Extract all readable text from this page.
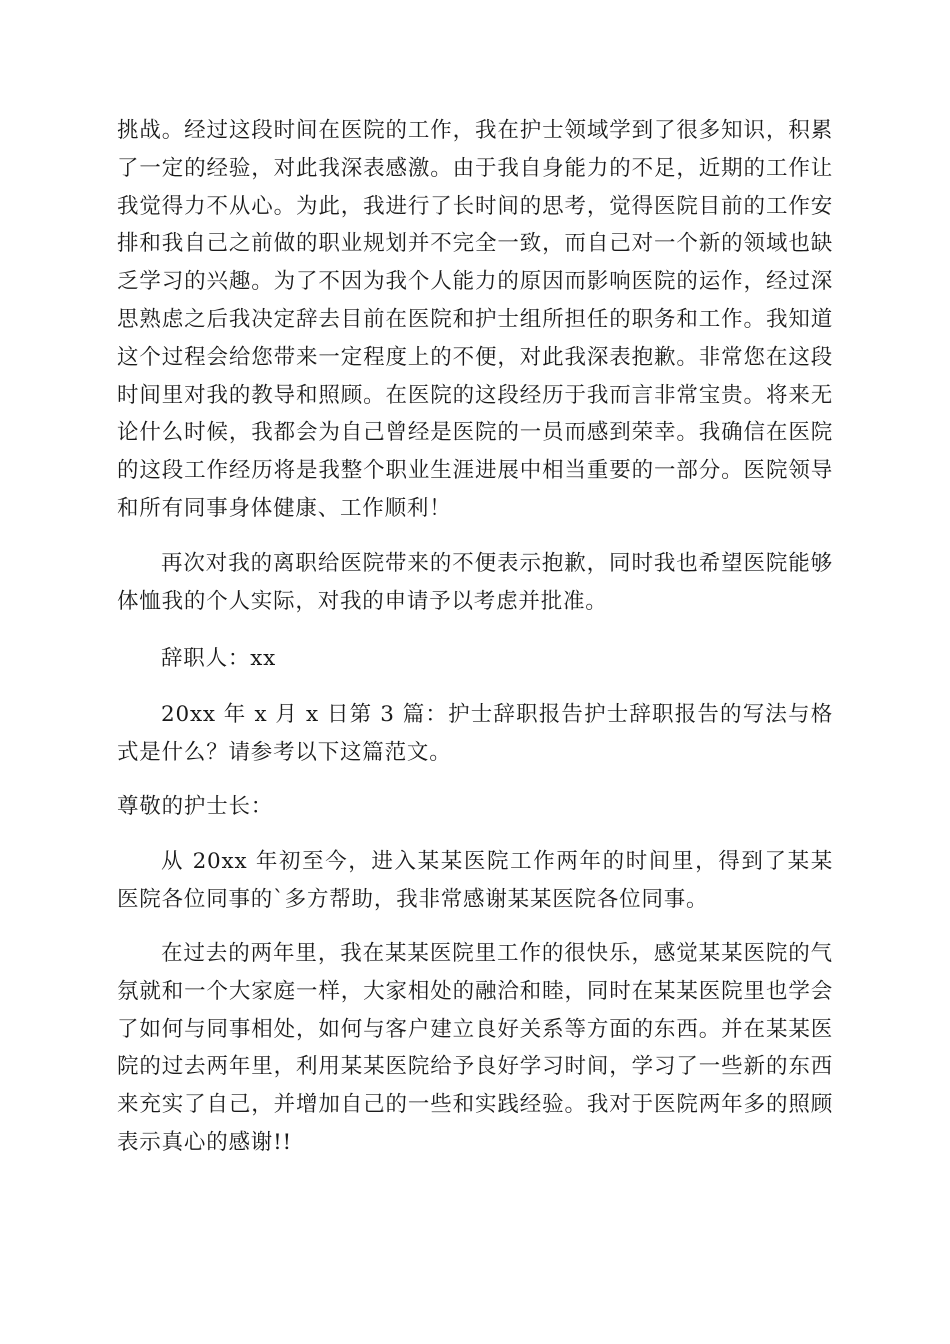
挑战。经过这段时间在医院的工作，我在护士领域学到了很多知识，积累了一定的经验，对此我深表感激。由于我自身能力的不足，近期的工作让我觉得力不从心。为此，我进行了长时间的思考，觉得医院目前的工作安排和我自己之前做的职业规划并不完全一致，而自己对一个新的领域也缺乏学习的兴趣。为了不因为我个人能力的原因而影响医院的运作，经过深思熟虑之后我决定辞去目前在医院和护士组所担任的职务和工作。我知道这个过程会给您带来一定程度上的不便，对此我深表抱歉。非常您在这段时间里对我的教导和照顾。在医院的这段经历于我而言非常宝贵。将来无论什么时候，我都会为自己曾经是医院的一员而感到荣幸。我确信在医院的这段工作经历将是我整个职业生涯进展中相当重要的一部分。医院领导和所有同事身体健康、工作顺利！

再次对我的离职给医院带来的不便表示抱歉，同时我也希望医院能够体恤我的个人实际，对我的申请予以考虑并批准。

辞职人：xx

20xx 年 x 月 x 日第 3 篇：护士辞职报告护士辞职报告的写法与格式是什么？请参考以下这篇范文。

尊敬的护士长：

从 20xx 年初至今，进入某某医院工作两年的时间里，得到了某某医院各位同事的`多方帮助，我非常感谢某某医院各位同事。

在过去的两年里，我在某某医院里工作的很快乐，感觉某某医院的气氛就和一个大家庭一样，大家相处的融洽和睦，同时在某某医院里也学会了如何与同事相处，如何与客户建立良好关系等方面的东西。并在某某医院的过去两年里，利用某某医院给予良好学习时间，学习了一些新的东西来充实了自己，并增加自己的一些和实践经验。我对于医院两年多的照顾表示真心的感谢!!
